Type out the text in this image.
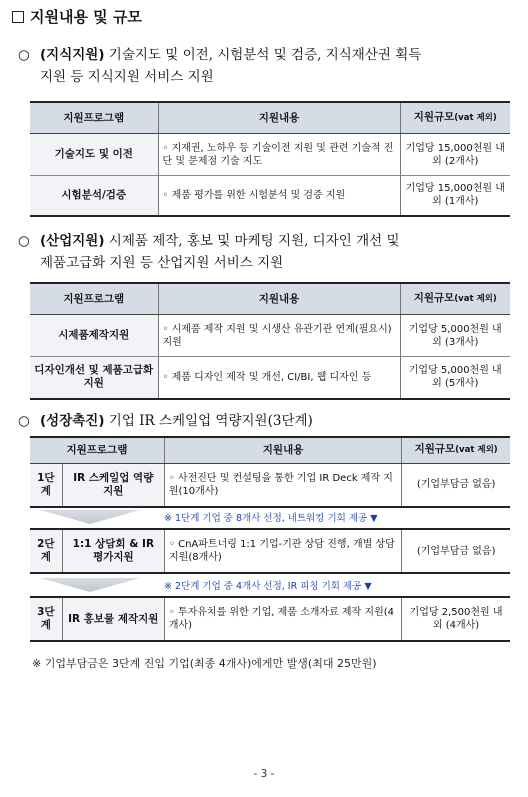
지원내용 및 규모
○ (지식지원) 기술지도 및 이전, 시험분석 및 검증, 지식재산권 획득
지원 등 지식지원 서비스 지원
지원프로그램	지원내용	지원규모(vat 제외)
기술지도 및 이전	◦ 지재권, 노하우 등 기술이전 지원 및 관련 기술적 진단 및 문제점 기술 지도	기업당 15,000천원 내외 (2개사)
시험분석/검증	◦ 제품 평가를 위한 시험분석 및 검증 지원	기업당 15,000천원 내외 (1개사)
○ (산업지원) 시제품 제작, 홍보 및 마케팅 지원, 디자인 개선 및
제품고급화 지원 등 산업지원 서비스 지원
지원프로그램	지원내용	지원규모(vat 제외)
시제품제작지원	◦ 시제품 제작 지원 및 시생산 유관기관 연계(필요시) 지원	기업당 5,000천원 내외 (3개사)
디자인개선 및 제품고급화 지원	◦ 제품 디자인 제작 및 개선, CI/BI, 웹 디자인 등	기업당 5,000천원 내외 (5개사)
○ (성장촉진) 기업 IR 스케일업 역량지원(3단계)
지원프로그램		지원내용	지원규모(vat 제외)
1단계	IR 스케일업 역량 지원	◦ 사전진단 및 컨설팅을 통한 기업 IR Deck 제작 지원(10개사)	(기업부담금 없음)
※ 1단계 기업 중 8개사 선정, 네트워킹 기회 제공 ▼
2단계	1:1 상담회 & IR 평가지원	◦ CnA파트너링 1:1 기업-기관 상담 진행, 개별 상담 지원(8개사)	(기업부담금 없음)
※ 2단계 기업 중 4개사 선정, IR 피칭 기회 제공 ▼
3단계	IR 홍보물 제작지원	◦ 투자유치를 위한 기업, 제품 소개자료 제작 지원(4개사)	기업당 2,500천원 내외 (4개사)
※ 기업부담금은 3단계 진입 기업(최종 4개사)에게만 발생(최대 25만원)
- 3 -
